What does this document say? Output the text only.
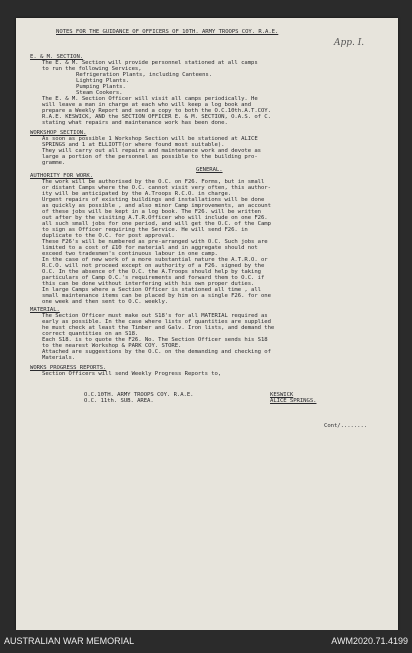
App. I.
NOTES FOR THE GUIDANCE OF OFFICERS OF 10TH. ARMY TROOPS COY. R.A.E.
E. & M. SECTION.
The E. & M. Section will provide personnel stationed at all camps
to run the following Services,
Refrigeration Plants, including Canteens.
Lighting Plants.
Pumping Plants.
Steam Cookers.
The E. & M. Section Officer will visit all camps periodically. He
will leave a man in charge at each who will keep a log book and
prepare a Weekly Report and send a copy to both the O.C.10th.A.T.COY.
R.A.E. KESWICK, AND the SECTION OFFICER E. & M. SECTION, O.A.S. of C.
stating what repairs and maintenance work has been done.
WORKSHOP SECTION.
As soon as possible 1 Workshop Section will be stationed at ALICE
SPRINGS and 1 at ELLIOTT(or where found most suitable).
They will carry out all repairs and maintenance work and devote as
large a portion of the personnel as possible to the building pro-
gramme.
GENERAL.
AUTHORITY FOR WORK.
The work will be authorised by the O.C. on F26. Forms, but in small
or distant Camps where the O.C. cannot visit very often, this author-
ity will be anticipated by the A.Troops R.C.O. in charge.
Urgent repairs of existing buildings and installations will be done
as quickly as possible , and also minor Camp improvements, an account
of these jobs will be kept in a log book. The F26. will be written
out after by the visiting A.T.R.Officer who will include on one F26.
all such small jobs for one period, and will get the O.C. of the Camp
to sign as Officer requiring the Service. He will send F26. in
duplicate to the O.C. for post approval.
These F26's will be numbered as pre-arranged with O.C. Such jobs are
limited to a cost of £10 for material and in aggregate should not
exceed two tradesmen's continuous labour in one camp.
In the case of new work of a more substantial nature the A.T.R.O. or
R.C.O. will not proceed except on authority of a F26. signed by the
O.C. In the absence of the O.C. the A.Troops should help by taking
particulars of Camp O.C.'s requirements and forward them to O.C. if
this can be done without interfering with his own proper duties.
In large Camps where a Section Officer is stationed all time , all
small maintenance items can be placed by him on a single F26. for one
one week and then sent to O.C. weekly.
MATERIAL.
The Section Officer must make out S18's for all MATERIAL required as
early as possible. In the case where lists of quantities are supplied
he must check at least the Timber and Galv. Iron lists, and demand the
correct quantities on an S18.
Each S18. is to quote the F26. No. The Section Officer sends his S18
to the nearest Workshop & PARK COY. STORE.
Attached are suggestions by the O.C. on the demanding and checking of
Materials.
WORKS PROGRESS REPORTS.
Section Officers will send Weekly Progress Reports to,
O.C.10TH. ARMY TROOPS COY. R.A.E.	KESWICK
O.C. 11th. SUB. AREA.	ALICE SPRINGS.
Cont/........
AUSTRALIAN WAR MEMORIAL	AWM2020.71.4199
